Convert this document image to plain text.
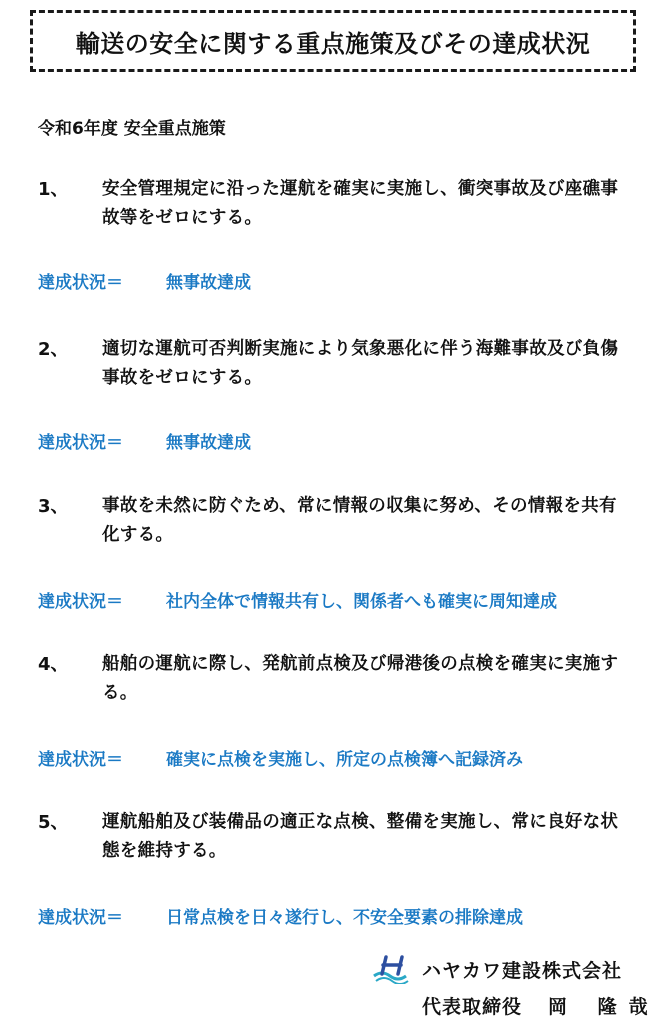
輸送の安全に関する重点施策及びその達成状況
令和6年度 安全重点施策
1、 安全管理規定に沿った運航を確実に実施し、衝突事故及び座礁事故等をゼロにする。
達成状況＝	無事故達成
2、 適切な運航可否判断実施により気象悪化に伴う海難事故及び負傷事故をゼロにする。
達成状況＝	無事故達成
3、 事故を未然に防ぐため、常に情報の収集に努め、その情報を共有化する。
達成状況＝	社内全体で情報共有し、関係者へも確実に周知達成
4、 船舶の運航に際し、発航前点検及び帰港後の点検を確実に実施する。
達成状況＝	確実に点検を実施し、所定の点検簿へ記録済み
5、 運航船舶及び装備品の適正な点検、整備を実施し、常に良好な状態を維持する。
達成状況＝	日常点検を日々遂行し、不安全要素の排除達成
ハヤカワ建設株式会社
代表取締役 岡 隆哉
